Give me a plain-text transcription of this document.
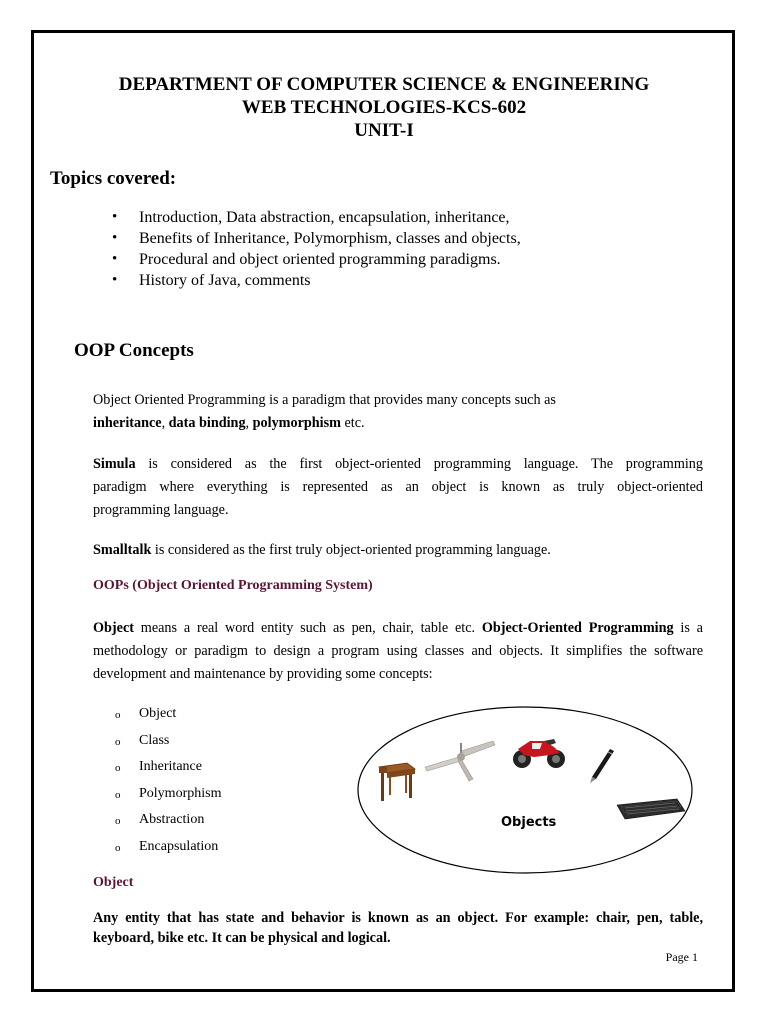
DEPARTMENT OF COMPUTER SCIENCE & ENGINEERING
WEB TECHNOLOGIES-KCS-602
UNIT-I
Topics covered:
• Introduction, Data abstraction, encapsulation, inheritance,
• Benefits of Inheritance, Polymorphism, classes and objects,
• Procedural and object oriented programming paradigms.
• History of Java, comments
OOP Concepts
Object Oriented Programming is a paradigm that provides many concepts such as
inheritance, data binding, polymorphism etc.
Simula is considered as the first object-oriented programming language. The programming
paradigm where everything is represented as an object is known as truly object-oriented
programming language.
Smalltalk is considered as the first truly object-oriented programming language.
OOPs (Object Oriented Programming System)
Object means a real word entity such as pen, chair, table etc. Object-Oriented Programming is a
methodology or paradigm to design a program using classes and objects. It simplifies the software
development and maintenance by providing some concepts:
o Object
o Class
o Inheritance
o Polymorphism
o Abstraction
o Encapsulation
Objects
Object
Any entity that has state and behavior is known as an object. For example: chair, pen, table,
keyboard, bike etc. It can be physical and logical.
Page 1
